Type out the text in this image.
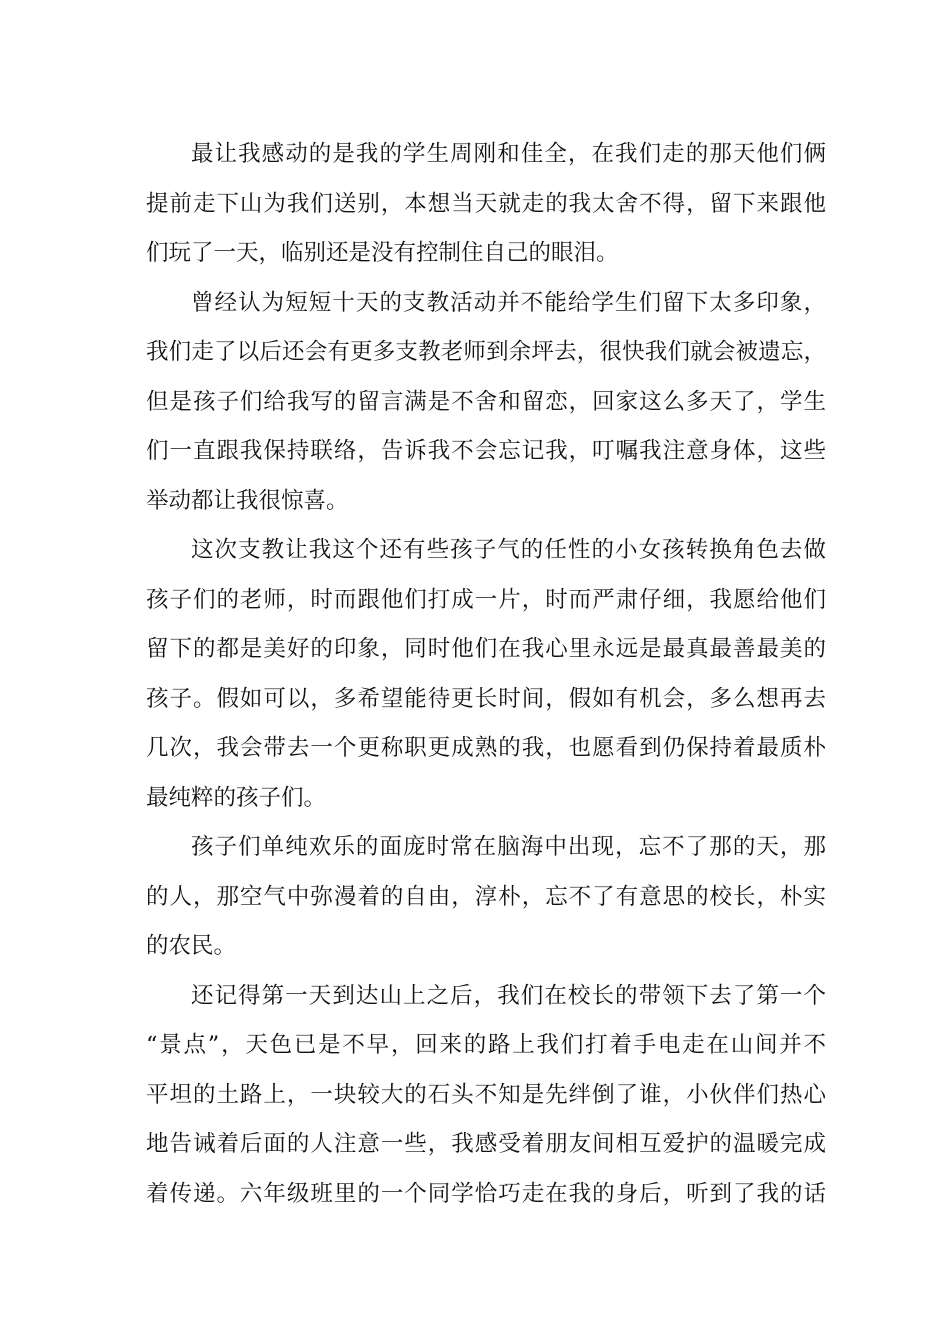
最让我感动的是我的学生周刚和佳全，在我们走的那天他们俩
提前走下山为我们送别，本想当天就走的我太舍不得，留下来跟他
们玩了一天，临别还是没有控制住自己的眼泪。

曾经认为短短十天的支教活动并不能给学生们留下太多印象，
我们走了以后还会有更多支教老师到余坪去，很快我们就会被遗忘，
但是孩子们给我写的留言满是不舍和留恋，回家这么多天了，学生
们一直跟我保持联络，告诉我不会忘记我，叮嘱我注意身体，这些
举动都让我很惊喜。

这次支教让我这个还有些孩子气的任性的小女孩转换角色去做
孩子们的老师，时而跟他们打成一片，时而严肃仔细，我愿给他们
留下的都是美好的印象，同时他们在我心里永远是最真最善最美的
孩子。假如可以，多希望能待更长时间，假如有机会，多么想再去
几次，我会带去一个更称职更成熟的我，也愿看到仍保持着最质朴
最纯粹的孩子们。

孩子们单纯欢乐的面庞时常在脑海中出现，忘不了那的天，那
的人，那空气中弥漫着的自由，淳朴，忘不了有意思的校长，朴实
的农民。

还记得第一天到达山上之后，我们在校长的带领下去了第一个
“景点”，天色已是不早，回来的路上我们打着手电走在山间并不
平坦的土路上，一块较大的石头不知是先绊倒了谁，小伙伴们热心
地告诫着后面的人注意一些，我感受着朋友间相互爱护的温暖完成
着传递。六年级班里的一个同学恰巧走在我的身后，听到了我的话
